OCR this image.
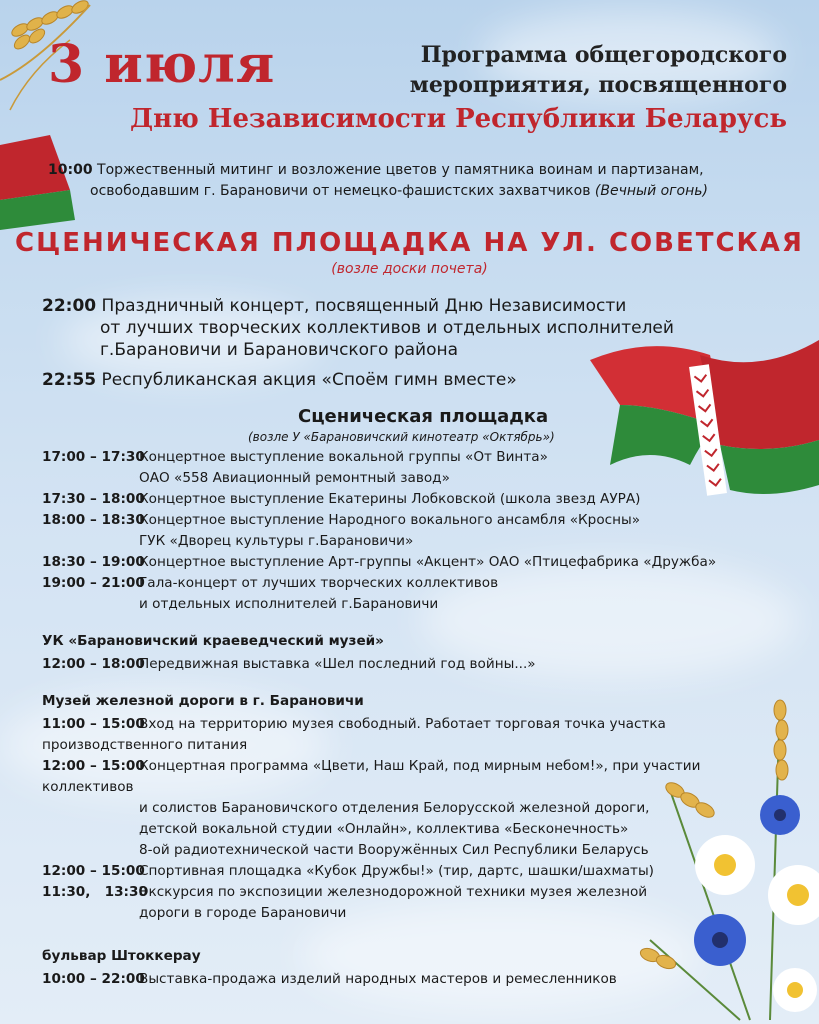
3 июля	Программа общегородского
мероприятия, посвященного
Дню Независимости Республики Беларусь
10:00 Торжественный митинг и возложение цветов у памятника воинам и партизанам,
освободавшим г. Барановичи от немецко-фашистских захватчиков (Вечный огонь)
СЦЕНИЧЕСКАЯ ПЛОЩАДКА НА УЛ. СОВЕТСКАЯ
(возле доски почета)
22:00 Праздничный концерт, посвященный Дню Независимости
от лучших творческих коллективов и отдельных исполнителей
г.Барановичи и Барановичского района
22:55 Республиканская акция «Споём гимн вместе»
Сценическая площадка
(возле У «Барановичский кинотеатр «Октябрь»)
17:00 – 17:30
Концертное выступление вокальной группы «От Винта»
ОАО «558 Авиационный ремонтный завод»
17:30 – 18:00
Концертное выступление Екатерины Лобковской (школа звезд АУРА)
18:00 – 18:30
Концертное выступление Народного вокального ансамбля «Кросны»
ГУК «Дворец культуры г.Барановичи»
18:30 – 19:00
Концертное выступление Арт-группы «Акцент» ОАО «Птицефабрика «Дружба»
19:00 – 21:00
Гала-концерт от лучших творческих коллективов
и отдельных исполнителей г.Барановичи
УК «Барановичский краеведческий музей»
12:00 – 18:00
Передвижная выставка «Шел последний год войны...»
Музей железной дороги в г. Барановичи
11:00 – 15:00
Вход на территорию музея свободный. Работает торговая точка участка
производственного питания
12:00 – 15:00
Концертная программа «Цвети, Наш Край, под мирным небом!», при участии
коллективов
и солистов Барановичского отделения Белорусской железной дороги,
детской вокальной студии «Онлайн», коллектива «Бесконечность»
8-ой радиотехнической части Вооружённых Сил Республики Беларусь
12:00 – 15:00
Спортивная площадка «Кубок Дружбы!» (тир, дартс, шашки/шахматы)
11:30,   13:30
Экскурсия по экспозиции железнодорожной техники музея железной
дороги в городе Барановичи
бульвар Штоккерау
10:00 – 22:00
Выставка-продажа изделий народных мастеров и ремесленников
